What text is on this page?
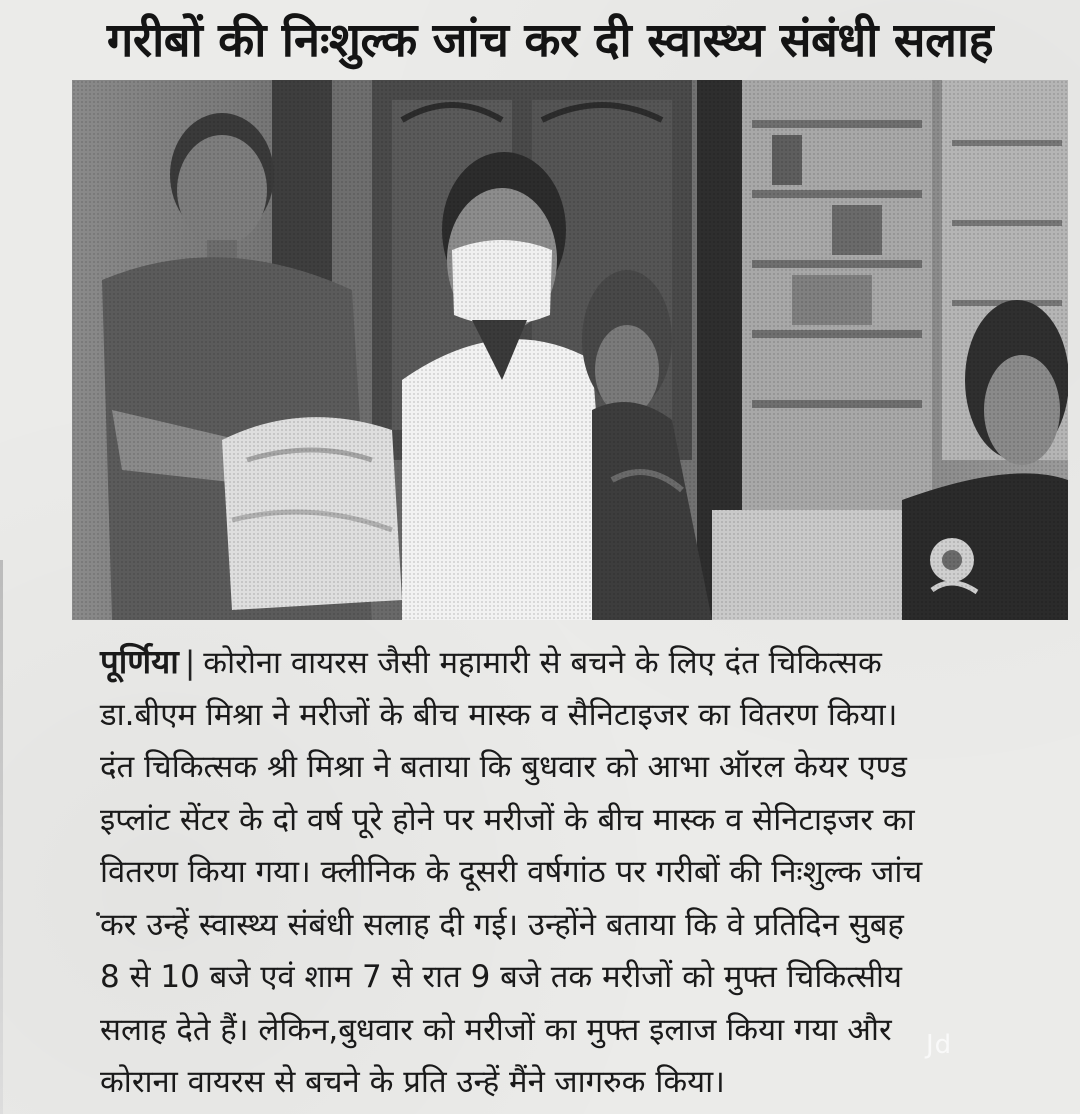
गरीबों की निःशुल्क जांच कर दी स्वास्थ्य संबंधी सलाह
पूर्णिया | कोरोना वायरस जैसी महामारी से बचने के लिए दंत चिकित्सक
डा.बीएम मिश्रा ने मरीजों के बीच मास्क व सैनिटाइजर का वितरण किया।
दंत चिकित्सक श्री मिश्रा ने बताया कि बुधवार को आभा ऑरल केयर एण्ड
इप्लांट सेंटर के दो वर्ष पूरे होने पर मरीजों के बीच मास्क व सेनिटाइजर का
वितरण किया गया। क्लीनिक के दूसरी वर्षगांठ पर गरीबों की निःशुल्क जांच
कर उन्हें स्वास्थ्य संबंधी सलाह दी गई। उन्होंने बताया कि वे प्रतिदिन सुबह
8 से 10 बजे एवं शाम 7 से रात 9 बजे तक मरीजों को मुफ्त चिकित्सीय
सलाह देते हैं। लेकिन,बुधवार को मरीजों का मुफ्त इलाज किया गया और
कोराना वायरस से बचने के प्रति उन्हें मैंने जागरुक किया।
Jd
